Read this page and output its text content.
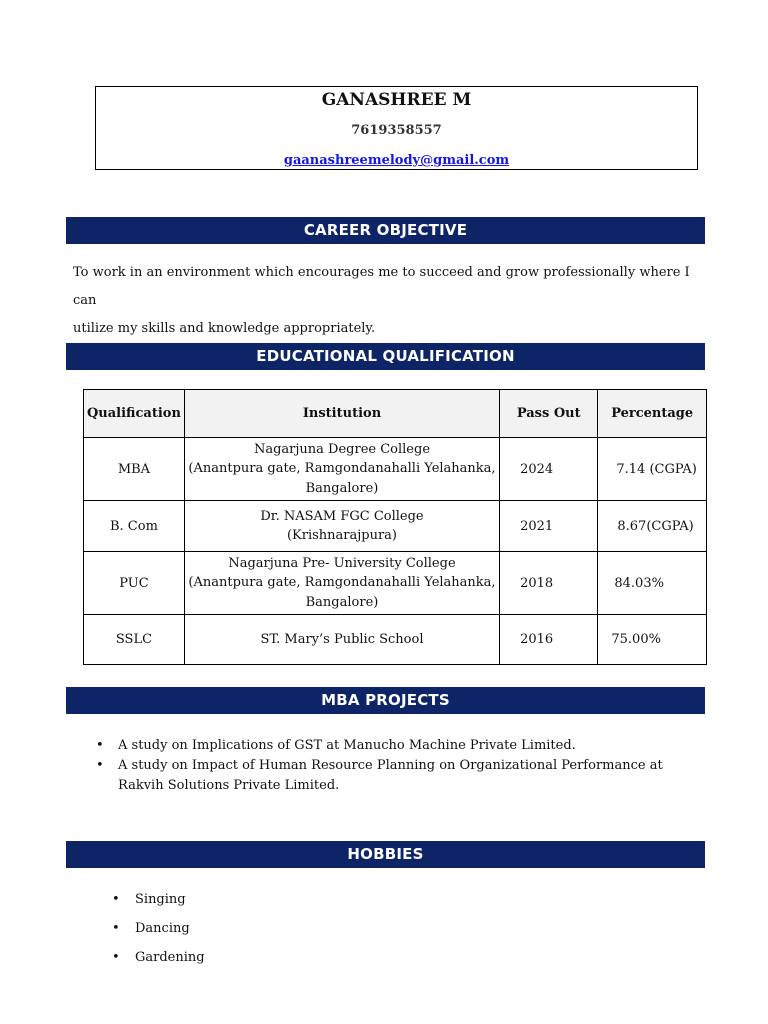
GANASHREE M
7619358557
gaanashreemelody@gmail.com
CAREER OBJECTIVE
To work in an environment which encourages me to succeed and grow professionally where I can
utilize my skills and knowledge appropriately.
EDUCATIONAL QUALIFICATION
Qualification	Institution	Pass Out	Percentage
MBA	Nagarjuna Degree College
(Anantpura gate, Ramgondanahalli Yelahanka,
Bangalore)	2024	7.14 (CGPA)
B. Com	Dr. NASAM FGC College
(Krishnarajpura)	2021	8.67(CGPA)
PUC	Nagarjuna Pre- University College
(Anantpura gate, Ramgondanahalli Yelahanka,
Bangalore)	2018	84.03%
SSLC	ST. Mary’s Public School	2016	75.00%
MBA PROJECTS
• A study on Implications of GST at Manucho Machine Private Limited.
• A study on Impact of Human Resource Planning on Organizational Performance at Rakvih Solutions Private Limited.
HOBBIES
• Singing
• Dancing
• Gardening
